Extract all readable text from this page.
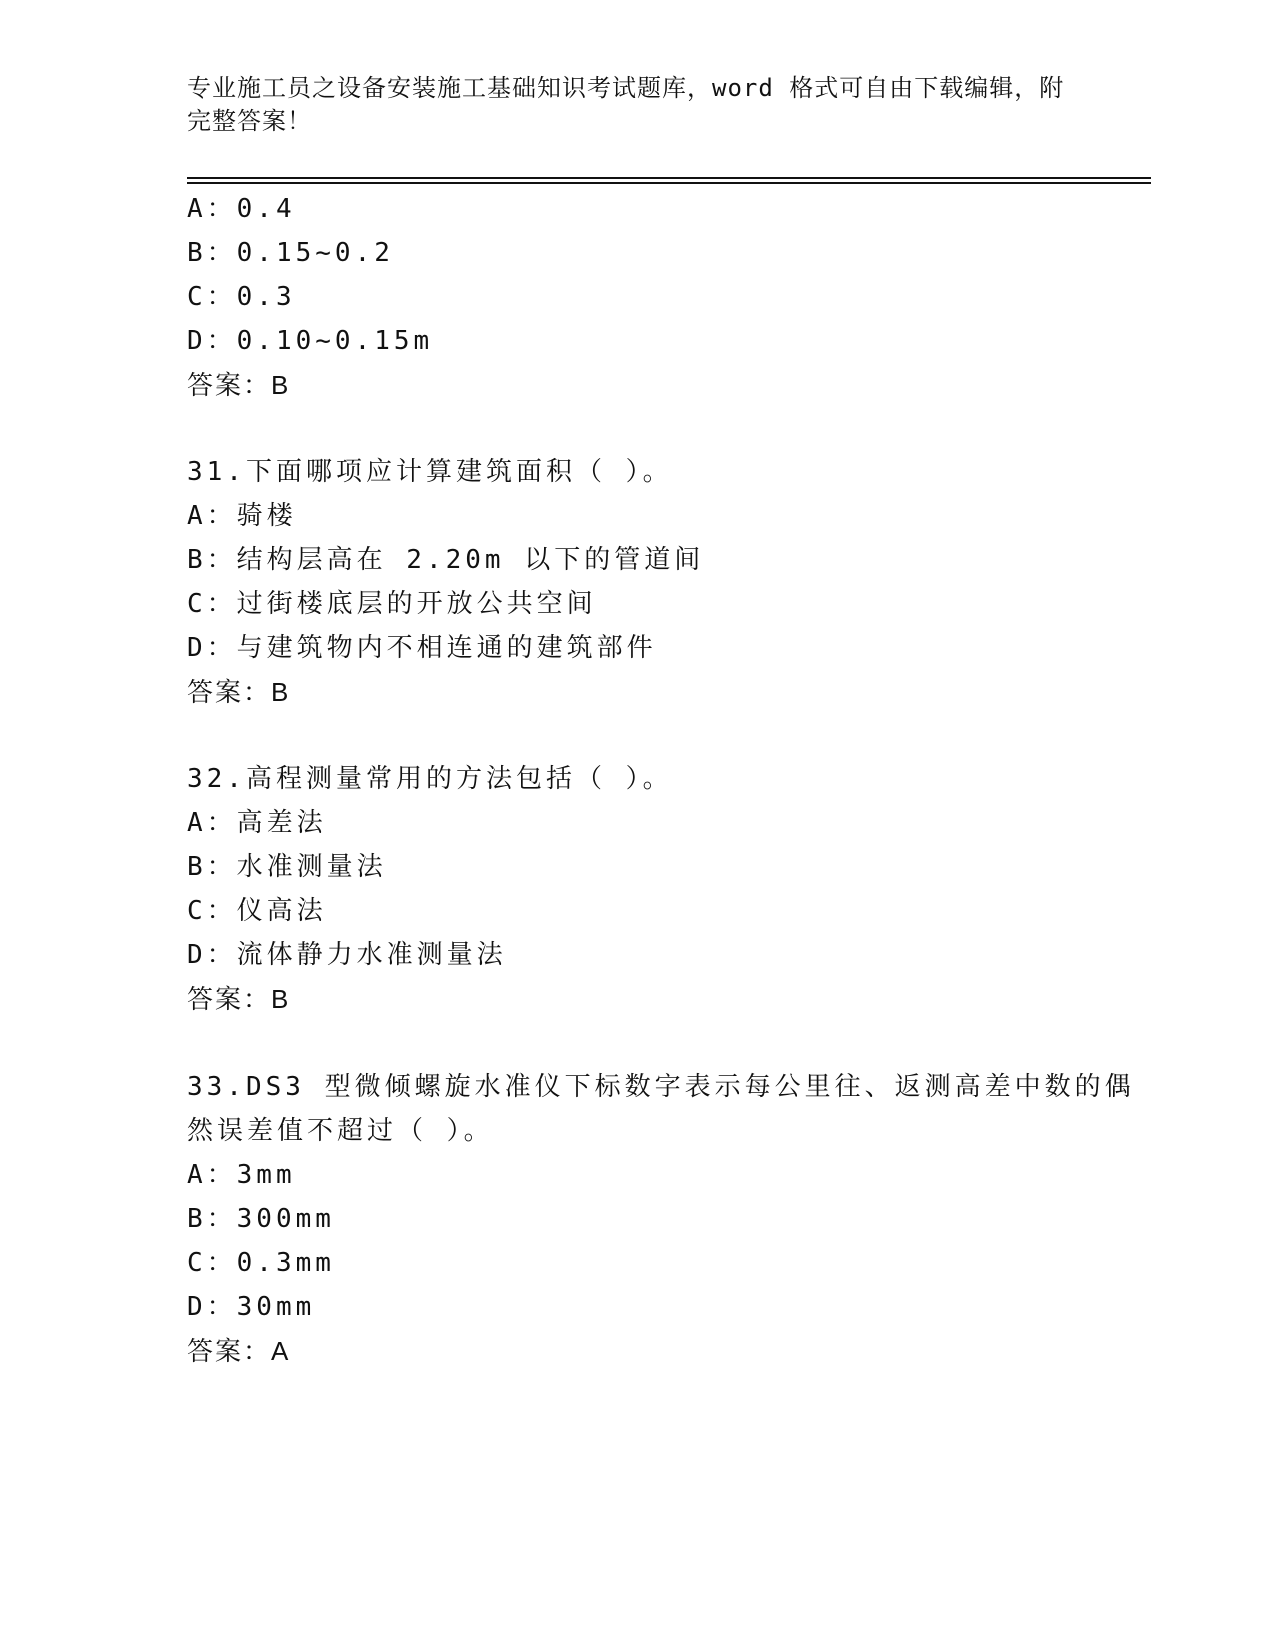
专业施工员之设备安装施工基础知识考试题库，word 格式可自由下载编辑，附完整答案！
A：0.4
B：0.15~0.2
C：0.3
D：0.10~0.15m
答案：B
31.下面哪项应计算建筑面积（ ）。
A：骑楼
B：结构层高在 2.20m 以下的管道间
C：过街楼底层的开放公共空间
D：与建筑物内不相连通的建筑部件
答案：B
32.高程测量常用的方法包括（ ）。
A：高差法
B：水准测量法
C：仪高法
D：流体静力水准测量法
答案：B
33.DS3 型微倾螺旋水准仪下标数字表示每公里往、返测高差中数的偶
然误差值不超过（ ）。
A：3mm
B：300mm
C：0.3mm
D：30mm
答案：A
